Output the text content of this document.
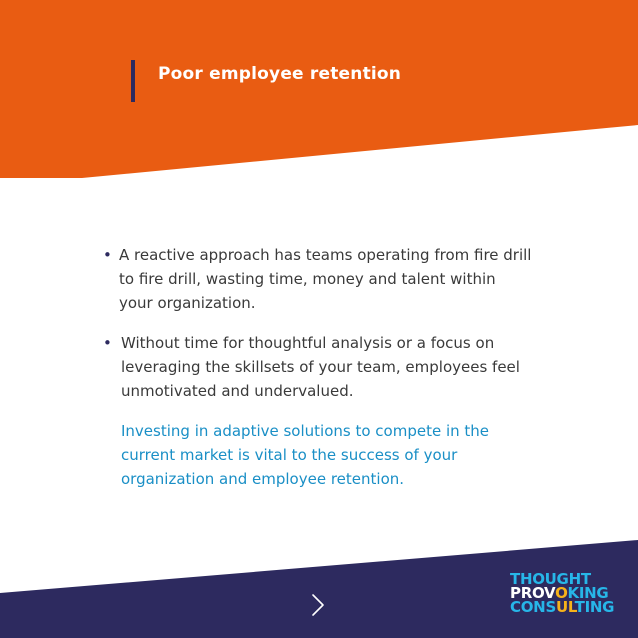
Poor employee retention
• A reactive approach has teams operating from fire drill to fire drill, wasting time, money and talent within your organization.
• Without time for thoughtful analysis or a focus on leveraging the skillsets of your team, employees feel unmotivated and undervalued.
Investing in adaptive solutions to compete in the current market is vital to the success of your organization and employee retention.
THOUGHT
PROVOKING
CONSULTING
